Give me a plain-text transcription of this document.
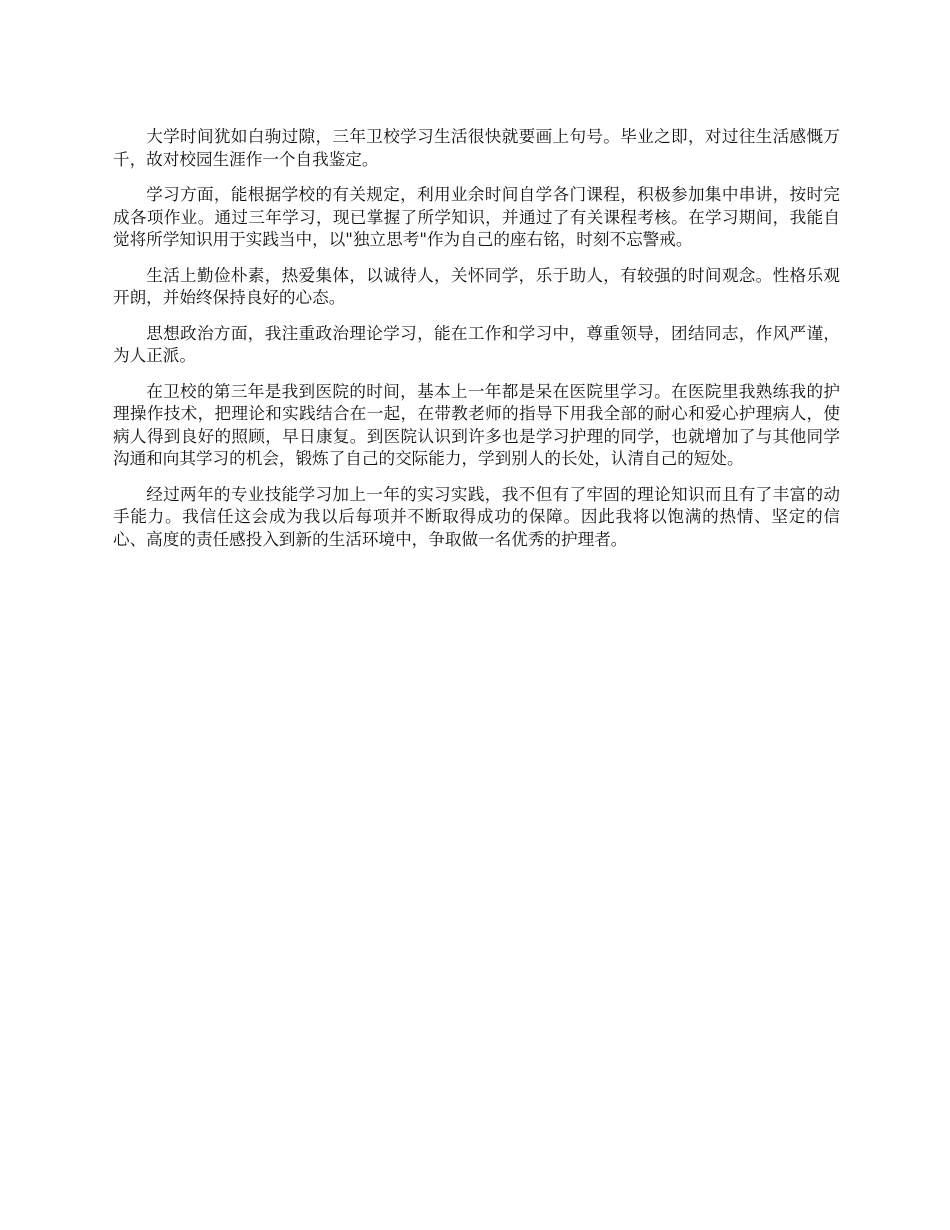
大学时间犹如白驹过隙，三年卫校学习生活很快就要画上句号。毕业之即，对过往生活感慨万千，故对校园生涯作一个自我鉴定。

学习方面，能根据学校的有关规定，利用业余时间自学各门课程，积极参加集中串讲，按时完成各项作业。通过三年学习，现已掌握了所学知识，并通过了有关课程考核。在学习期间，我能自觉将所学知识用于实践当中，以"独立思考"作为自己的座右铭，时刻不忘警戒。

生活上勤俭朴素，热爱集体，以诚待人，关怀同学，乐于助人，有较强的时间观念。性格乐观开朗，并始终保持良好的心态。

思想政治方面，我注重政治理论学习，能在工作和学习中，尊重领导，团结同志，作风严谨，为人正派。

在卫校的第三年是我到医院的时间，基本上一年都是呆在医院里学习。在医院里我熟练我的护理操作技术，把理论和实践结合在一起，在带教老师的指导下用我全部的耐心和爱心护理病人，使病人得到良好的照顾，早日康复。到医院认识到许多也是学习护理的同学，也就增加了与其他同学沟通和向其学习的机会，锻炼了自己的交际能力，学到别人的长处，认清自己的短处。

经过两年的专业技能学习加上一年的实习实践，我不但有了牢固的理论知识而且有了丰富的动手能力。我信任这会成为我以后每项并不断取得成功的保障。因此我将以饱满的热情、坚定的信心、高度的责任感投入到新的生活环境中，争取做一名优秀的护理者。
